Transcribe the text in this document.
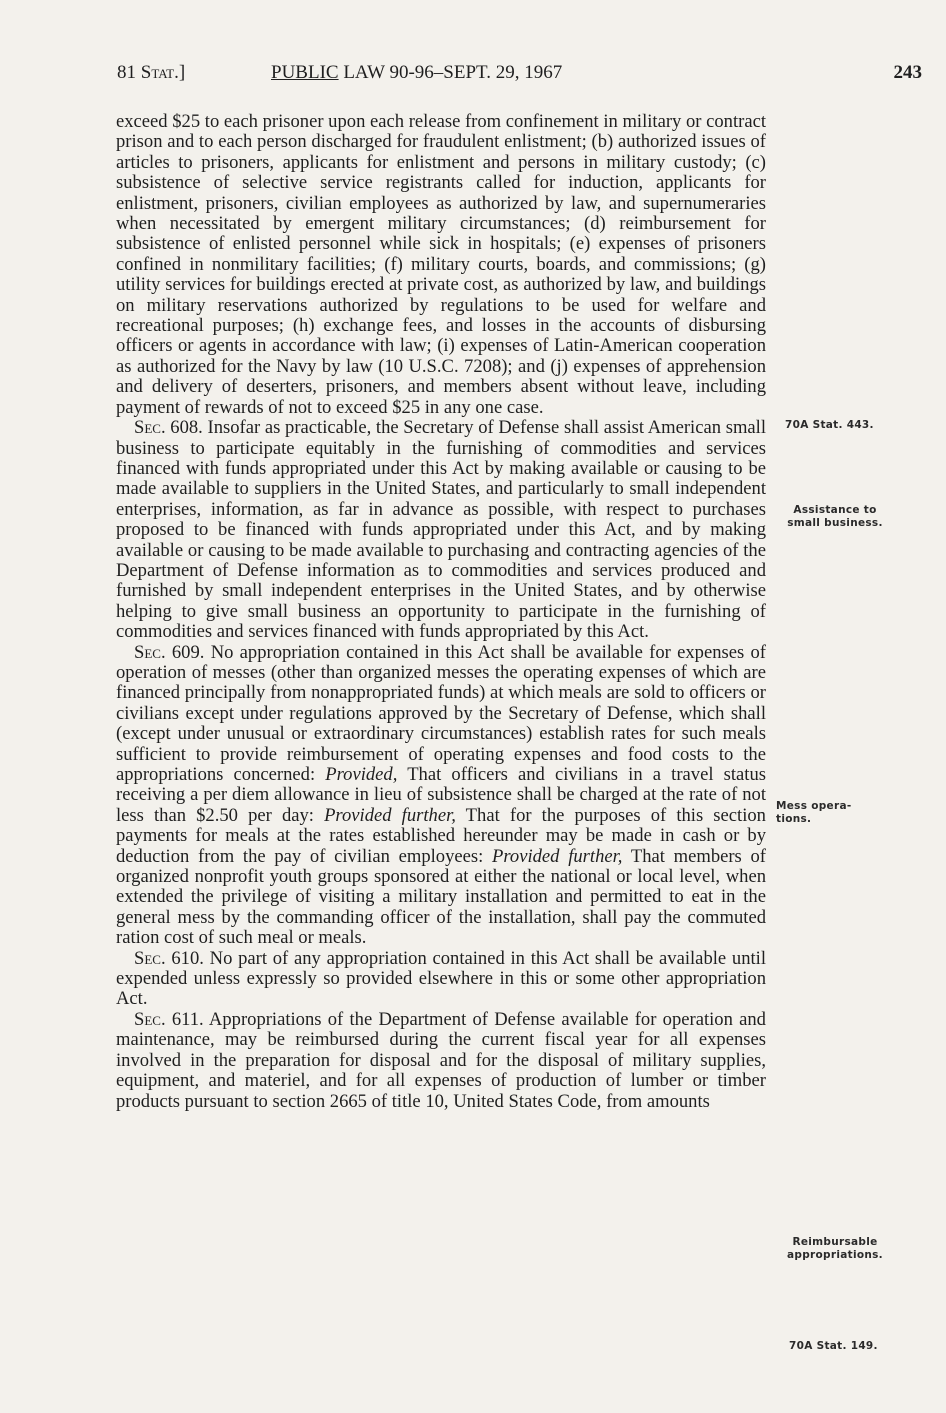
81 Stat.]	PUBLIC LAW 90-96–SEPT. 29, 1967	243

exceed $25 to each prisoner upon each release from confinement in military or contract prison and to each person discharged for fraudulent enlistment; (b) authorized issues of articles to prisoners, applicants for enlistment and persons in military custody; (c) subsistence of selective service registrants called for induction, applicants for enlistment, prisoners, civilian employees as authorized by law, and supernumeraries when necessitated by emergent military circumstances; (d) reimbursement for subsistence of enlisted personnel while sick in hospitals; (e) expenses of prisoners confined in nonmilitary facilities; (f) military courts, boards, and commissions; (g) utility services for buildings erected at private cost, as authorized by law, and buildings on military reservations authorized by regulations to be used for welfare and recreational purposes; (h) exchange fees, and losses in the accounts of disbursing officers or agents in accordance with law; (i) expenses of Latin-American cooperation as authorized for the Navy by law (10 U.S.C. 7208); and (j) expenses of apprehension and delivery of deserters, prisoners, and members absent without leave, including payment of rewards of not to exceed $25 in any one case.

Sec. 608. Insofar as practicable, the Secretary of Defense shall assist American small business to participate equitably in the furnishing of commodities and services financed with funds appropriated under this Act by making available or causing to be made available to suppliers in the United States, and particularly to small independent enterprises, information, as far in advance as possible, with respect to purchases proposed to be financed with funds appropriated under this Act, and by making available or causing to be made available to purchasing and contracting agencies of the Department of Defense information as to commodities and services produced and furnished by small independent enterprises in the United States, and by otherwise helping to give small business an opportunity to participate in the furnishing of commodities and services financed with funds appropriated by this Act.

Sec. 609. No appropriation contained in this Act shall be available for expenses of operation of messes (other than organized messes the operating expenses of which are financed principally from nonappropriated funds) at which meals are sold to officers or civilians except under regulations approved by the Secretary of Defense, which shall (except under unusual or extraordinary circumstances) establish rates for such meals sufficient to provide reimbursement of operating expenses and food costs to the appropriations concerned: Provided, That officers and civilians in a travel status receiving a per diem allowance in lieu of subsistence shall be charged at the rate of not less than $2.50 per day: Provided further, That for the purposes of this section payments for meals at the rates established hereunder may be made in cash or by deduction from the pay of civilian employees: Provided further, That members of organized nonprofit youth groups sponsored at either the national or local level, when extended the privilege of visiting a military installation and permitted to eat in the general mess by the commanding officer of the installation, shall pay the commuted ration cost of such meal or meals.

Sec. 610. No part of any appropriation contained in this Act shall be available until expended unless expressly so provided elsewhere in this or some other appropriation Act.

Sec. 611. Appropriations of the Department of Defense available for operation and maintenance, may be reimbursed during the current fiscal year for all expenses involved in the preparation for disposal and for the disposal of military supplies, equipment, and materiel, and for all expenses of production of lumber or timber products pursuant to section 2665 of title 10, United States Code, from amounts

70A Stat. 443.
Assistance to
small business.
Mess opera-
tions.
Reimbursable
appropriations.
70A Stat. 149.
